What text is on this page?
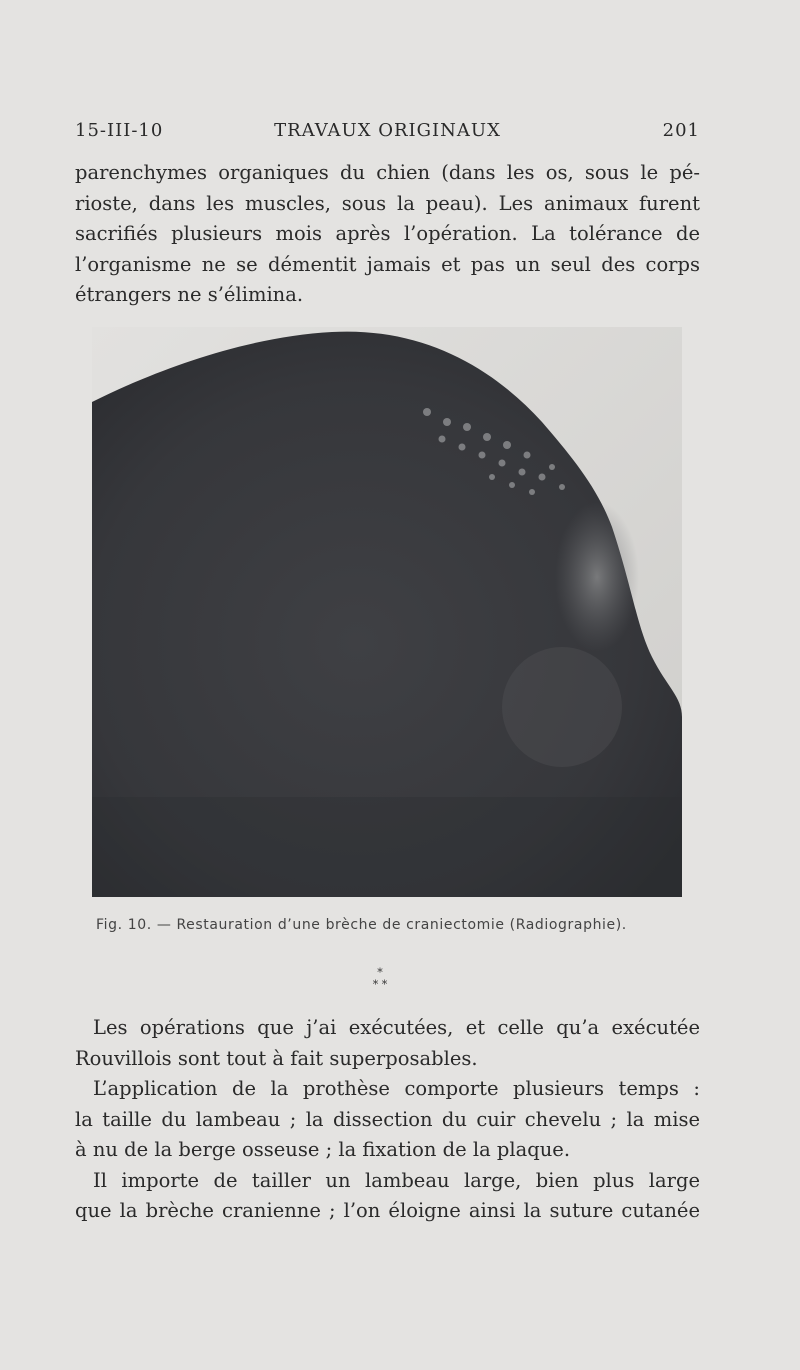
15-III-10	TRAVAUX ORIGINAUX	201
parenchymes organiques du chien (dans les os, sous le pé-
rioste, dans les muscles, sous la peau). Les animaux furent
sacrifiés plusieurs mois après l’opération. La tolérance de
l’organisme ne se démentit jamais et pas un seul des corps
étrangers ne s’élimina.
Fig. 10. — Restauration d’une brèche de craniectomie (Radiographie).
*
* *
Les opérations que j’ai exécutées, et celle qu’a exécutée
Rouvillois sont tout à fait superposables.
L’application de la prothèse comporte plusieurs temps :
la taille du lambeau ; la dissection du cuir chevelu ; la mise
à nu de la berge osseuse ; la fixation de la plaque.
Il importe de tailler un lambeau large, bien plus large
que la brèche cranienne ; l’on éloigne ainsi la suture cutanée
